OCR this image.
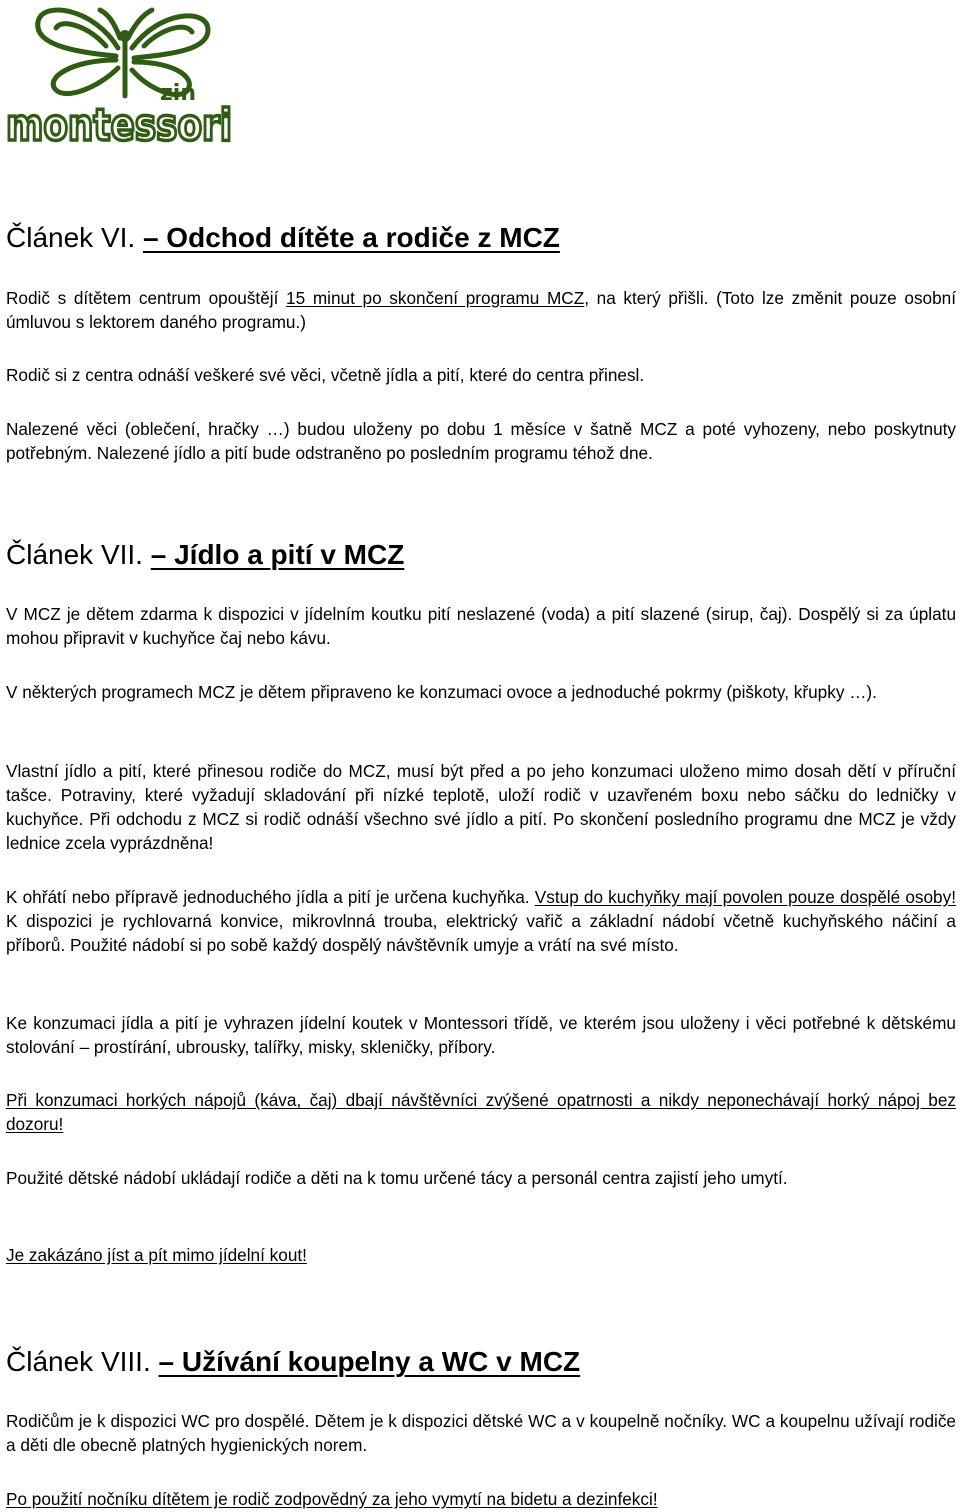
zin
montessori
Článek VI. – Odchod dítěte a rodiče z MCZ

Rodič s dítětem centrum opouštějí 15 minut po skončení programu MCZ, na který přišli. (Toto lze změnit pouze osobní úmluvou s lektorem daného programu.)

Rodič si z centra odnáší veškeré své věci, včetně jídla a pití, které do centra přinesl.

Nalezené věci (oblečení, hračky …) budou uloženy po dobu 1 měsíce v šatně MCZ a poté vyhozeny, nebo poskytnuty potřebným. Nalezené jídlo a pití bude odstraněno po posledním programu téhož dne.

Článek VII. – Jídlo a pití v MCZ

V MCZ je dětem zdarma k dispozici v jídelním koutku pití neslazené (voda) a pití slazené (sirup, čaj). Dospělý si za úplatu mohou připravit v kuchyňce čaj nebo kávu.

V některých programech MCZ je dětem připraveno ke konzumaci ovoce a jednoduché pokrmy (piškoty, křupky …).

Vlastní jídlo a pití, které přinesou rodiče do MCZ, musí být před a po jeho konzumaci uloženo mimo dosah dětí v příruční tašce. Potraviny, které vyžadují skladování při nízké teplotě, uloží rodič v uzavřeném boxu nebo sáčku do ledničky v kuchyňce. Při odchodu z MCZ si rodič odnáší všechno své jídlo a pití. Po skončení posledního programu dne MCZ je vždy lednice zcela vyprázdněna!

K ohřátí nebo přípravě jednoduchého jídla a pití je určena kuchyňka. Vstup do kuchyňky mají povolen pouze dospělé osoby! K dispozici je rychlovarná konvice, mikrovlnná trouba, elektrický vařič a základní nádobí včetně kuchyňského náčiní a příborů. Použité nádobí si po sobě každý dospělý návštěvník umyje a vrátí na své místo.

Ke konzumaci jídla a pití je vyhrazen jídelní koutek v Montessori třídě, ve kterém jsou uloženy i věci potřebné k dětskému stolování – prostírání, ubrousky, talířky, misky, skleničky, příbory.

Při konzumaci horkých nápojů (káva, čaj) dbají návštěvníci zvýšené opatrnosti a nikdy neponechávají horký nápoj bez dozoru!

Použité dětské nádobí ukládají rodiče a děti na k tomu určené tácy a personál centra zajistí jeho umytí.

Je zakázáno jíst a pít mimo jídelní kout!

Článek VIII. – Užívání koupelny a WC v MCZ

Rodičům je k dispozici WC pro dospělé. Dětem je k dispozici dětské WC a v koupelně nočníky. WC a koupelnu užívají rodiče a děti dle obecně platných hygienických norem.

Po použití nočníku dítětem je rodič zodpovědný za jeho vymytí na bidetu a dezinfekci!
